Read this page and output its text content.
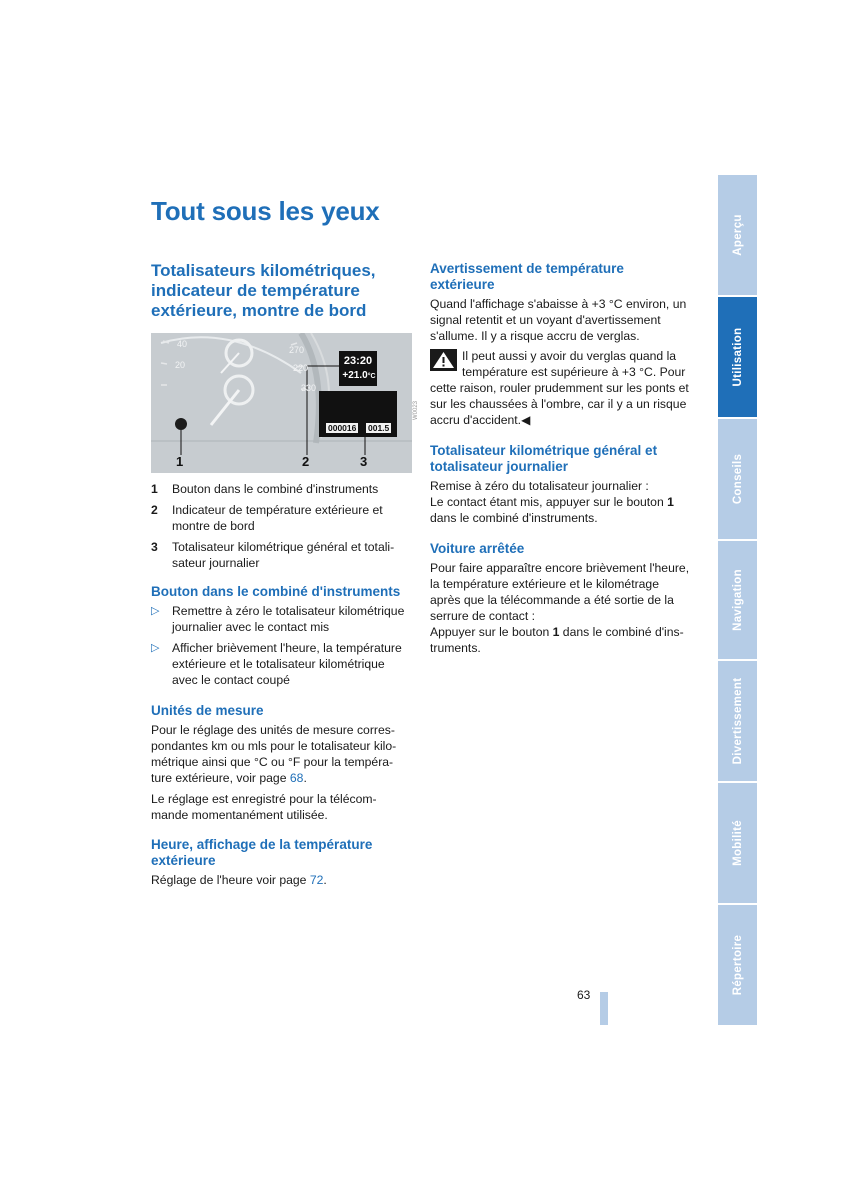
Tout sous les yeux
Totalisateurs kilométriques, indicateur de température extérieure, montre de bord
40
20
270
220
330
23:20
+21.0°C
000016 001.5
1	2	3
W0023
1 Bouton dans le combiné d'instruments
2 Indicateur de température extérieure et montre de bord
3 Totalisateur kilométrique général et totali-sateur journalier
Bouton dans le combiné d'instruments
▷ Remettre à zéro le totalisateur kilométrique journalier avec le contact mis
▷ Afficher brièvement l'heure, la température extérieure et le totalisateur kilométrique avec le contact coupé
Unités de mesure

Pour le réglage des unités de mesure corres-pondantes km ou mls pour le totalisateur kilo-métrique ainsi que °C ou °F pour la tempéra-ture extérieure, voir page 68.

Le réglage est enregistré pour la télécom-mande momentanément utilisée.

Heure, affichage de la température extérieure
Réglage de l'heure voir page 72.
Avertissement de température extérieure
Quand l'affichage s'abaisse à +3 °C environ, un signal retentit et un voyant d'avertissement s'allume. Il y a risque accru de verglas.
Il peut aussi y avoir du verglas quand la température est supérieure à +3 °C. Pour cette raison, rouler prudemment sur les ponts et sur les chaussées à l'ombre, car il y a un risque accru d'accident.◀
Totalisateur kilométrique général et totalisateur journalier
Remise à zéro du totalisateur journalier :
Le contact étant mis, appuyer sur le bouton 1 dans le combiné d'instruments.
Voiture arrêtée
Pour faire apparaître encore brièvement l'heure, la température extérieure et le kilométrage après que la télécommande a été sortie de la serrure de contact :
Appuyer sur le bouton 1 dans le combiné d'ins-truments.
63
Aperçu
Utilisation
Conseils
Navigation
Divertissement
Mobilité
Répertoire
